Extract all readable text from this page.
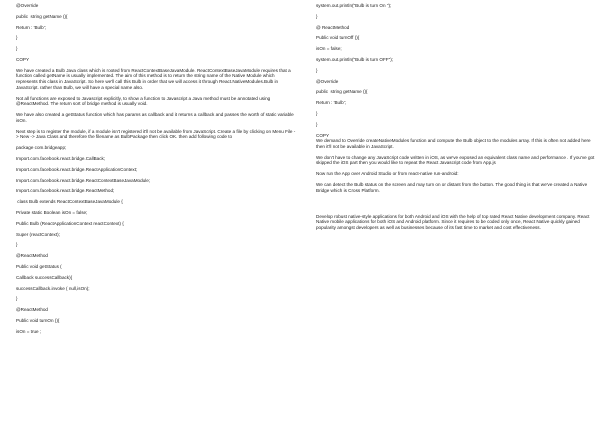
@Override

public  string getName (){

Return : 'Bulb';

}

}

COPY

We have created a Bulb Java class which is rooted from ReactContextBaseJavaModule. ReactContextBaseJavaModule requires that a function called getName is usually implemented. The aim of this method is to return the string name of the Native Module which represents this class in JavaScript. So here we'll call this Bulb in order that we will access it through React.NativeModules.Bulb in JavaScript. rather than Bulb, we will have a special name also.

Not all functions are exposed to Javascript explicitly, to show a function to Javascript a Java method must be annotated using @ReactMethod. The return sort of bridge method is usually void.

We have also created a getStatus function which has params as callback and it returns a callback and passes the worth of static variable isOn.

Next step is to register the module, if a module isn't registered it'll not be available from JavaScript. Create a file by clicking on Menu File -> New -> Java Class and therefore the filename as BulbPackage then click OK. then add following code to

package com.bridgeapp;

Import.com.facebook.react.bridge.CallBack;

Import.com.facebook.react.bridge.ReactApplicationContext;

Import.com.facebook.react.bridge.ReactContextBaseJavaModule;

Import.com.facebook.react.bridge.ReactMethod;

class Bulb extends ReactContextBaseJavaModule {

Private static Boolean isOn = false;

Public Bulb (ReactApplicationContext reactContext) {

Super (reactContext);

}

@ReactMethod

Public void getStatus (

Callback successCallback){

successCallback.invoke ( null,isOn);

}

@ReactMethod

Public void turnOn (){

isOn = true ;

system.out.println("Bulb is turn On ");

}

@ ReactMethod

Public void turnOff (){

isOn = false;

system.out.println("Bulb is turn OFF");

}

@Override

public  string getName (){

Return : 'Bulb';

}

}

COPY
We demand to Override createNativeModules function and compute the Bulb object to the modules array. If this is often not added here then it'll not be available in JavaScript.

We don't have to change any JavaScript code written in iOS, as we've exposed an equivalent class name and performance . If you've got skipped the iOS part then you would like to repeat the React Javascript code from App.js

Now run the App over Android Studio or from react-native run-android:

We can detect the Bulb status on the screen and may turn on or distant from the button. The good thing is that we've created a Native Bridge which is Cross Platform.

Develop robust native-style applications for both Android and iOS with the help of top rated React Native development company. React Native mobile applications for both iOS and Android platform. Since it requires to be coded only once, React Native quickly gained popularity amongst developers as well as businesses because of its fast time to market and cost effectiveness.
